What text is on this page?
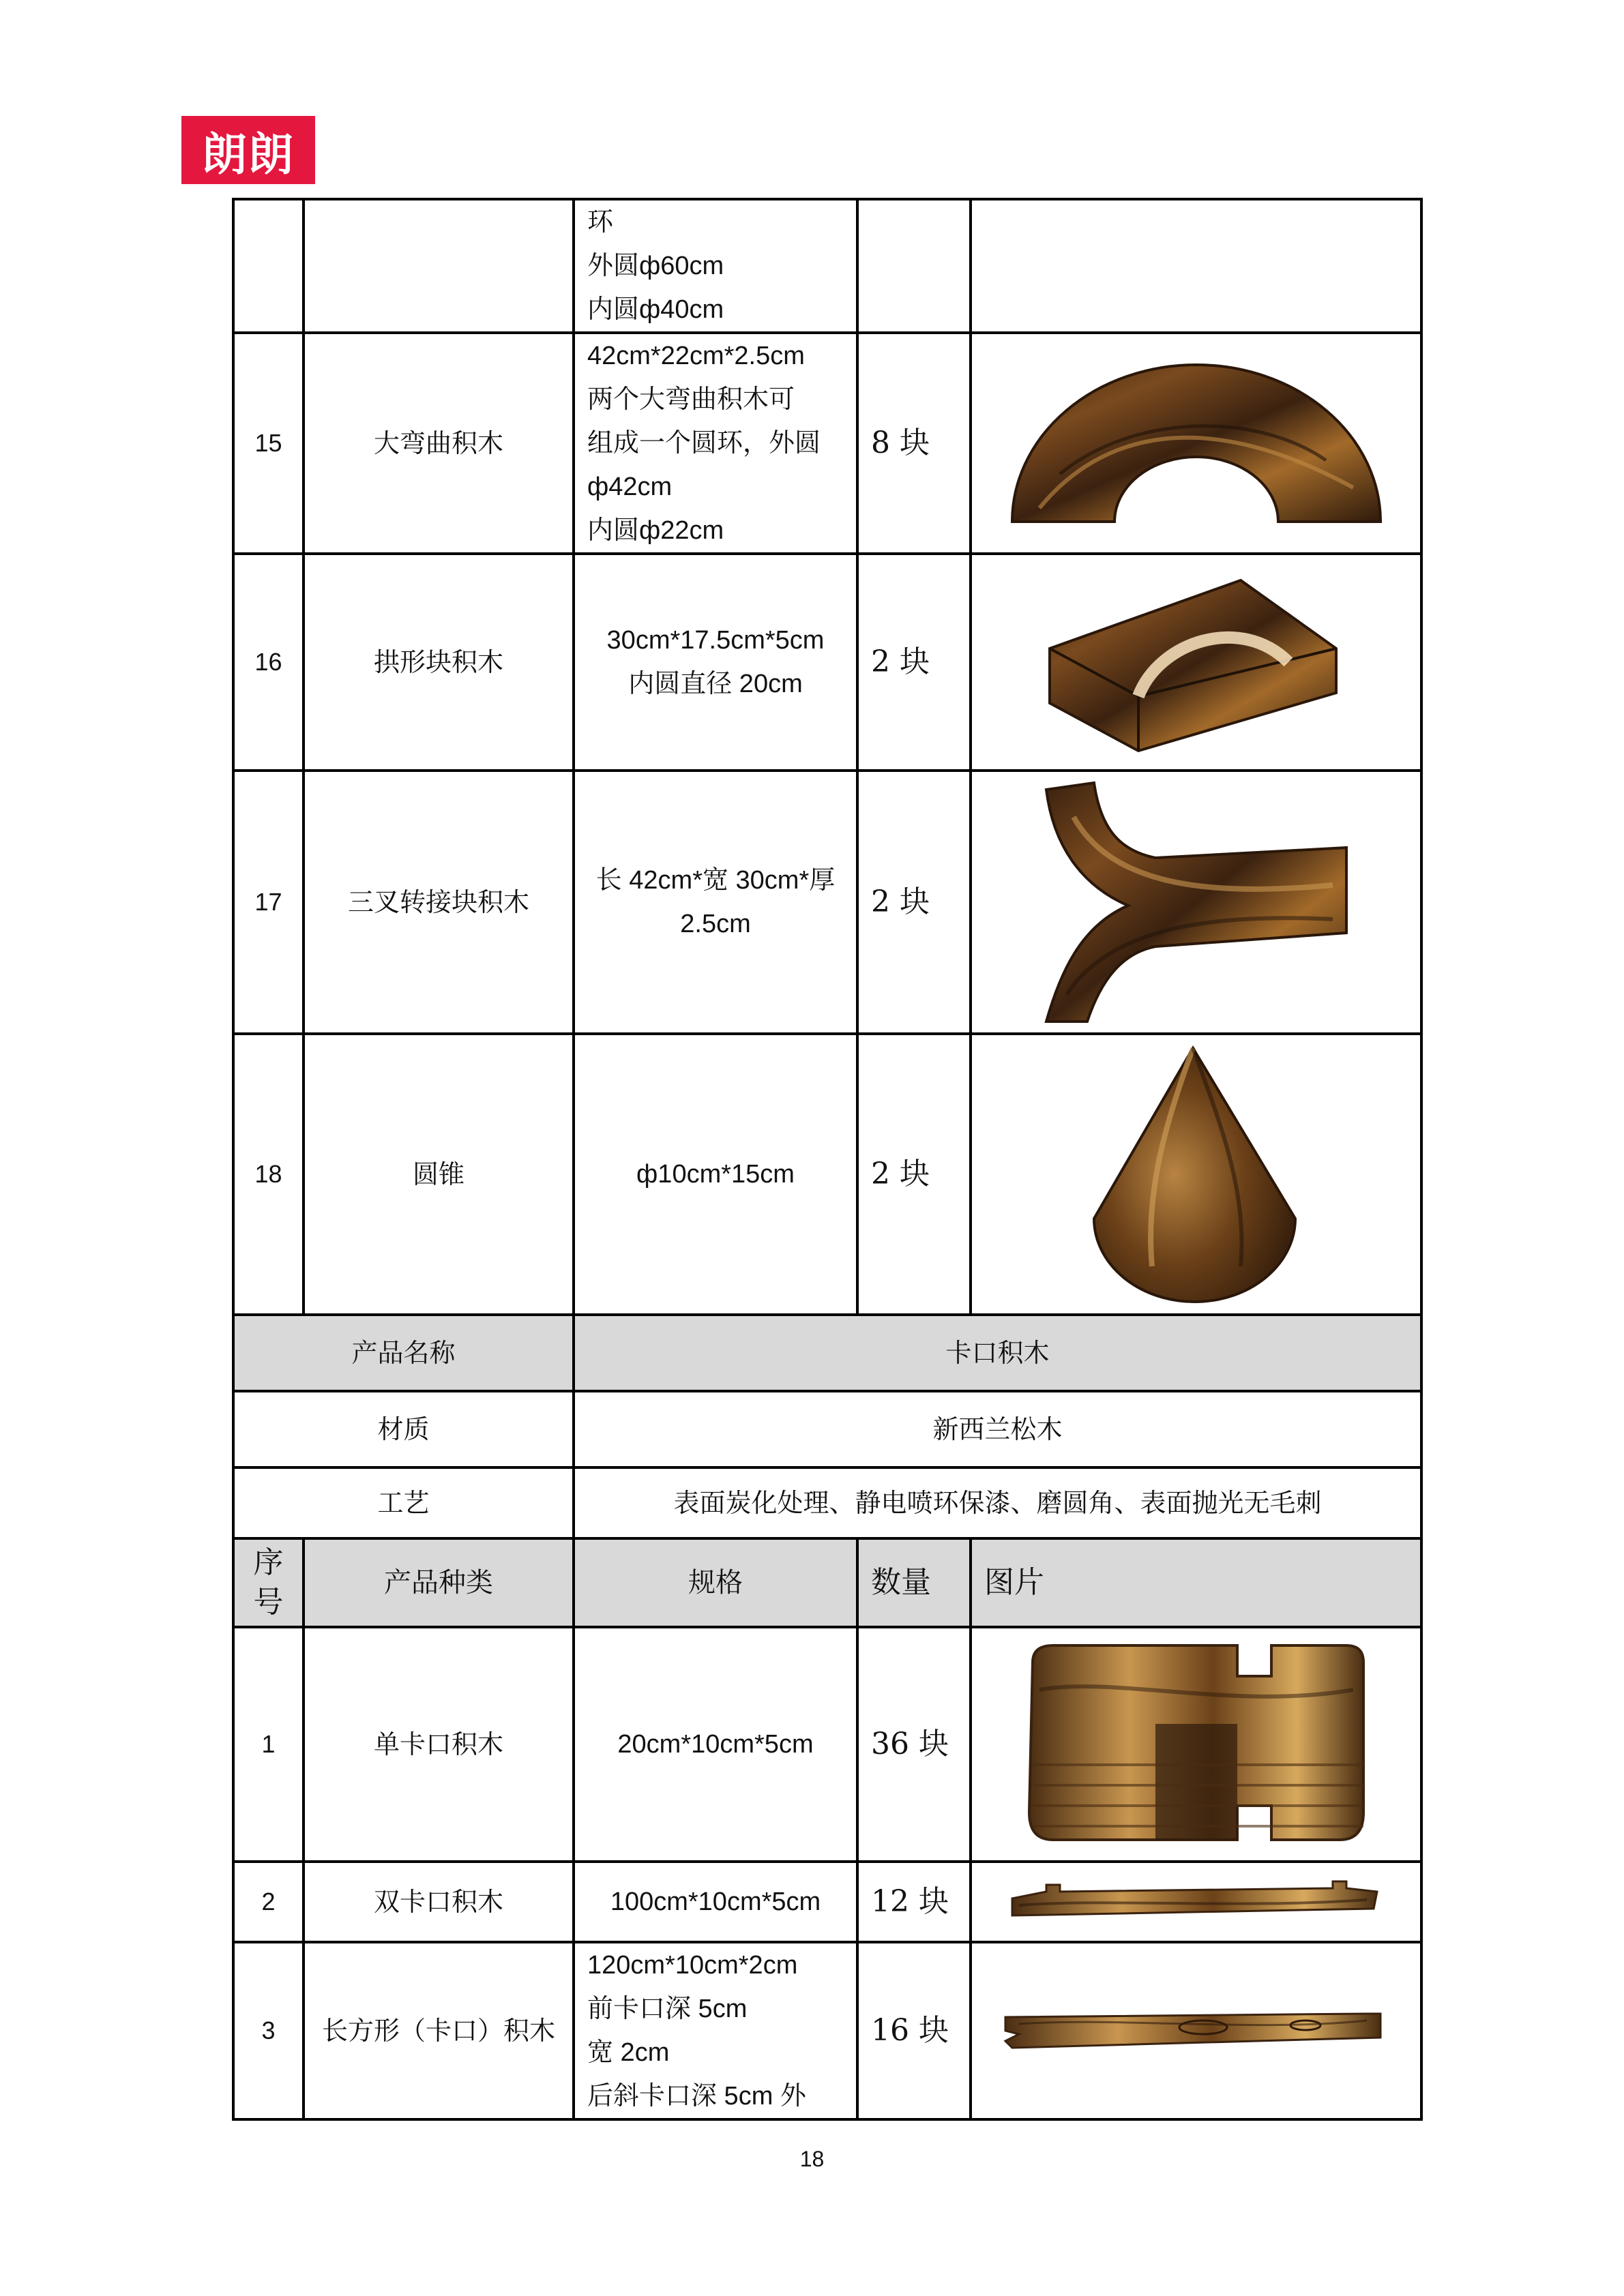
朗朗

		环
外圆ф60cm
内圆ф40cm		

15	大弯曲积木	42cm*22cm*2.5cm
两个大弯曲积木可
组成一个圆环，外圆
ф42cm
内圆ф22cm	8 块	

16	拱形块积木	30cm*17.5cm*5cm
内圆直径 20cm	2 块	

17	三叉转接块积木	长 42cm*宽 30cm*厚
2.5cm	2 块	

18	圆锥	ф10cm*15cm	2 块	

产品名称		卡口积木		
材质		新西兰松木		
工艺		表面炭化处理、静电喷环保漆、磨圆角、表面抛光无毛刺		

序
号	产品种类	规格	数量	图片
1	单卡口积木	20cm*10cm*5cm	36 块	

2	双卡口积木	100cm*10cm*5cm	12 块	

3	长方形（卡口）积木	120cm*10cm*2cm
前卡口深 5cm
宽 2cm
后斜卡口深 5cm 外	16 块	
18
